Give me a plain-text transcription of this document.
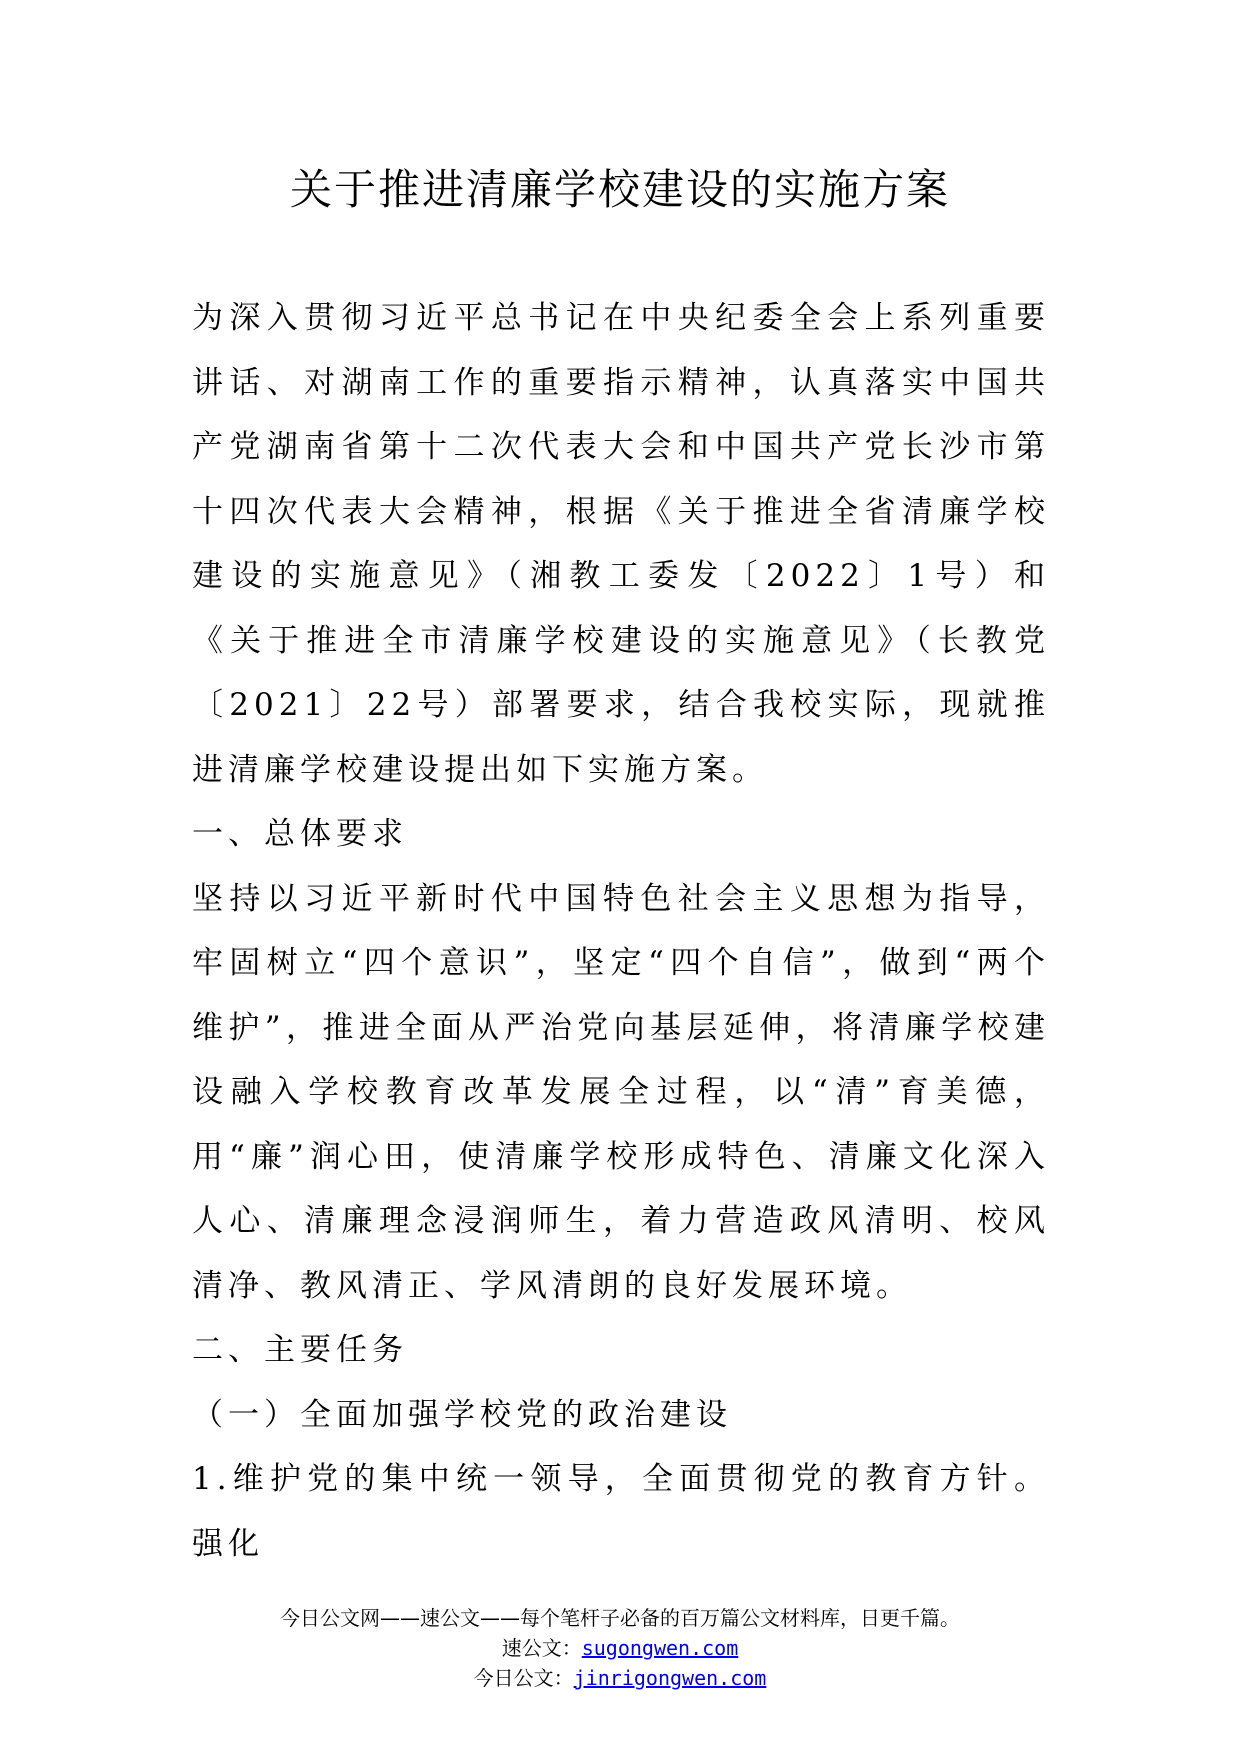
关于推进清廉学校建设的实施方案

为深入贯彻习近平总书记在中央纪委全会上系列重要讲话、对湖南工作的重要指示精神，认真落实中国共产党湖南省第十二次代表大会和中国共产党长沙市第十四次代表大会精神，根据《关于推进全省清廉学校建设的实施意见》（湘教工委发〔2022〕1号）和《关于推进全市清廉学校建设的实施意见》（长教党〔2021〕22号）部署要求，结合我校实际，现就推进清廉学校建设提出如下实施方案。

一、总体要求

坚持以习近平新时代中国特色社会主义思想为指导，牢固树立“四个意识”，坚定“四个自信”，做到“两个维护”，推进全面从严治党向基层延伸，将清廉学校建设融入学校教育改革发展全过程，以“清”育美德，用“廉”润心田，使清廉学校形成特色、清廉文化深入人心、清廉理念浸润师生，着力营造政风清明、校风清净、教风清正、学风清朗的良好发展环境。

二、主要任务

（一）全面加强学校党的政治建设

1.维护党的集中统一领导，全面贯彻党的教育方针。强化

今日公文网——速公文——每个笔杆子必备的百万篇公文材料库，日更千篇。

速公文：sugongwen.com

今日公文：jinrigongwen.com
